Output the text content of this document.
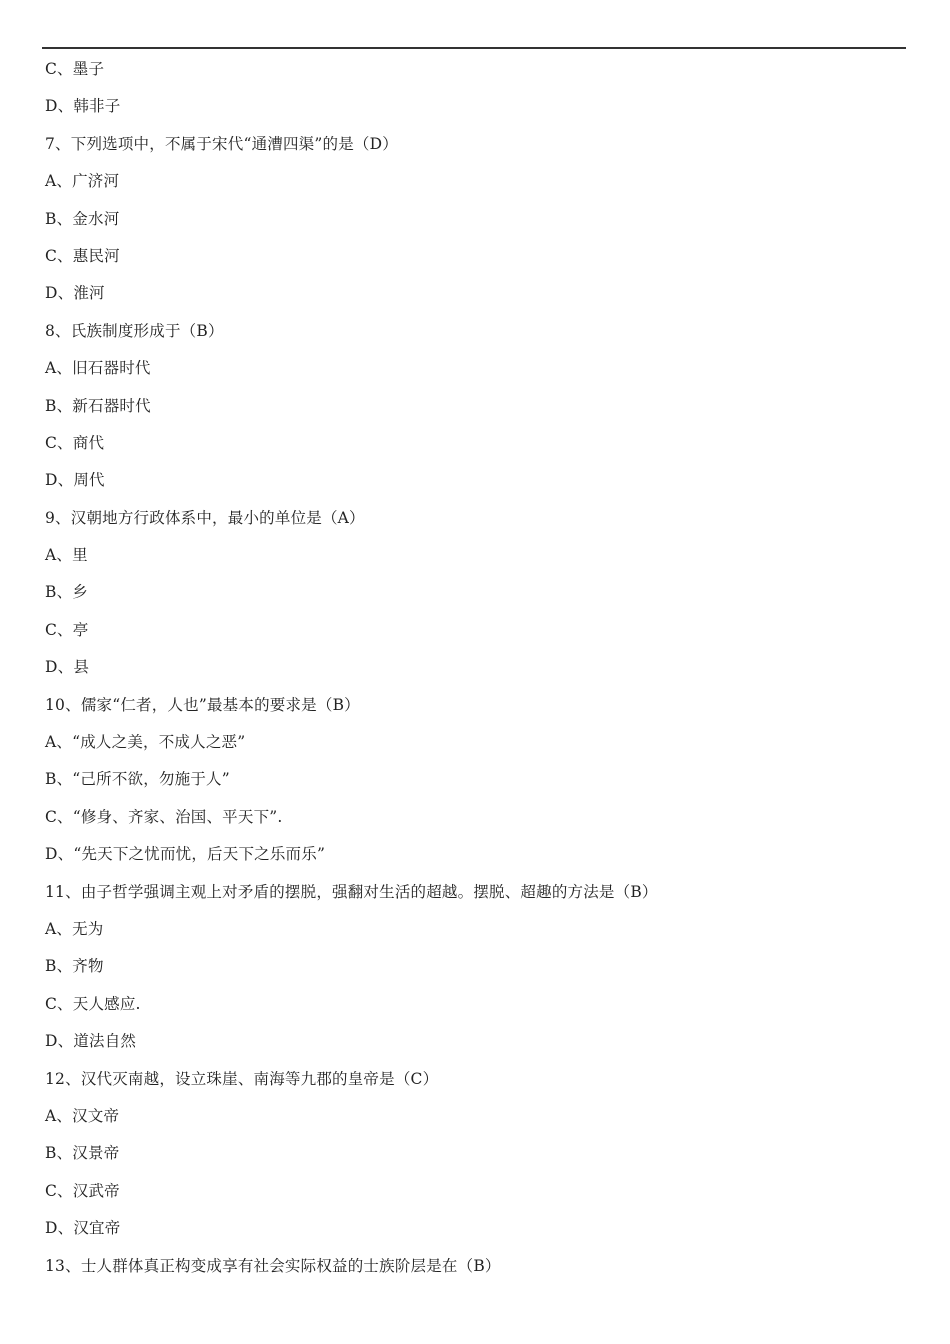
C、墨子
D、韩非子
7、下列选项中，不属于宋代“通漕四渠”的是（D）
A、广济河
B、金水河
C、惠民河
D、淮河
8、氏族制度形成于（B）
A、旧石器时代
B、新石器时代
C、商代
D、周代
9、汉朝地方行政体系中，最小的单位是（A）
A、里
B、乡
C、亭
D、县
10、儒家“仁者，人也”最基本的要求是（B）
A、“成人之美，不成人之恶”
B、“己所不欲，勿施于人”
C、“修身、齐家、治国、平天下”.
D、“先天下之忧而忧，后天下之乐而乐”
11、由子哲学强调主观上对矛盾的摆脱，强翻对生活的超越。摆脱、超趣的方法是（B）
A、无为
B、齐物
C、天人感应.
D、道法自然
12、汉代灭南越，设立珠崖、南海等九郡的皇帝是（C）
A、汉文帝
B、汉景帝
C、汉武帝
D、汉宜帝
13、士人群体真正构变成享有社会实际权益的士族阶层是在（B）
